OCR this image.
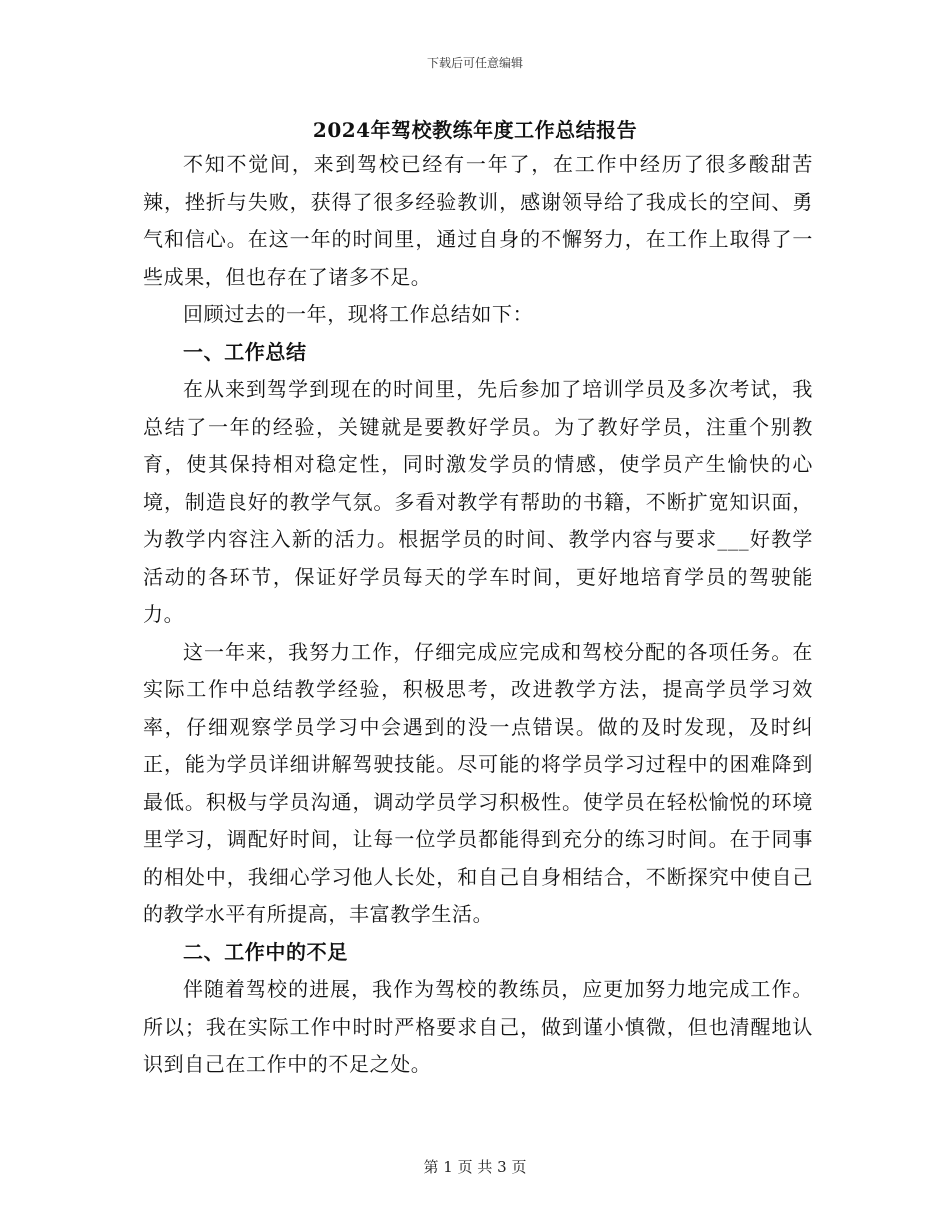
下载后可任意编辑
2024年驾校教练年度工作总结报告

不知不觉间，来到驾校已经有一年了，在工作中经历了很多酸甜苦辣，挫折与失败，获得了很多经验教训，感谢领导给了我成长的空间、勇气和信心。在这一年的时间里，通过自身的不懈努力，在工作上取得了一些成果，但也存在了诸多不足。

回顾过去的一年，现将工作总结如下：

一、工作总结

在从来到驾学到现在的时间里，先后参加了培训学员及多次考试，我总结了一年的经验，关键就是要教好学员。为了教好学员，注重个别教育，使其保持相对稳定性，同时激发学员的情感，使学员产生愉快的心境，制造良好的教学气氛。多看对教学有帮助的书籍，不断扩宽知识面，为教学内容注入新的活力。根据学员的时间、教学内容与要求___好教学活动的各环节，保证好学员每天的学车时间，更好地培育学员的驾驶能力。

这一年来，我努力工作，仔细完成应完成和驾校分配的各项任务。在实际工作中总结教学经验，积极思考，改进教学方法，提高学员学习效率，仔细观察学员学习中会遇到的没一点错误。做的及时发现，及时纠正，能为学员详细讲解驾驶技能。尽可能的将学员学习过程中的困难降到最低。积极与学员沟通，调动学员学习积极性。使学员在轻松愉悦的环境里学习，调配好时间，让每一位学员都能得到充分的练习时间。在于同事的相处中，我细心学习他人长处，和自己自身相结合，不断探究中使自己的教学水平有所提高，丰富教学生活。

二、工作中的不足

伴随着驾校的进展，我作为驾校的教练员，应更加努力地完成工作。所以；我在实际工作中时时严格要求自己，做到谨小慎微，但也清醒地认识到自己在工作中的不足之处。

第 1 页 共 3 页
